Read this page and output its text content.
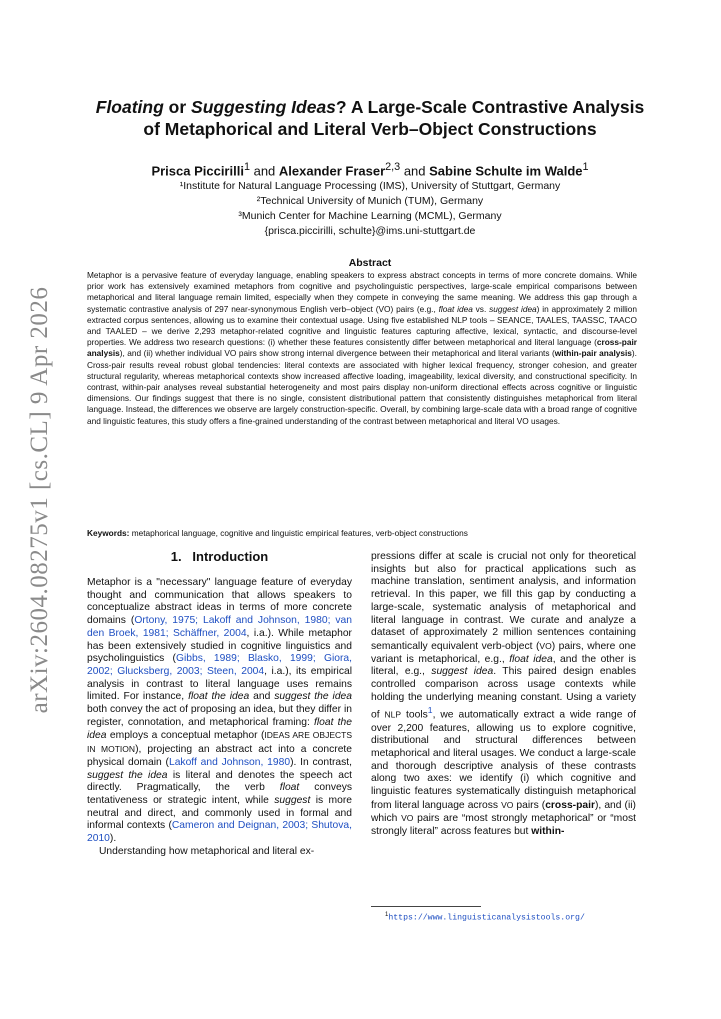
arXiv:2604.08275v1 [cs.CL] 9 Apr 2026
Floating or Suggesting Ideas? A Large-Scale Contrastive Analysis
of Metaphorical and Literal Verb–Object Constructions
Prisca Piccirilli$^1$ and Alexander Fraser$^{2,3}$ and Sabine Schulte im Walde$^1$
¹Institute for Natural Language Processing (IMS), University of Stuttgart, Germany
²Technical University of Munich (TUM), Germany
³Munich Center for Machine Learning (MCML), Germany
{prisca.piccirilli, schulte}@ims.uni-stuttgart.de
Abstract
Metaphor is a pervasive feature of everyday language, enabling speakers to express abstract concepts in terms of more concrete domains. While prior work has extensively examined metaphors from cognitive and psycholinguistic perspectives, large-scale empirical comparisons between metaphorical and literal language remain limited, especially when they compete in conveying the same meaning. We address this gap through a systematic contrastive analysis of 297 near-synonymous English verb–object (VO) pairs (e.g., float idea vs. suggest idea) in approximately 2 million extracted corpus sentences, allowing us to examine their contextual usage. Using five established NLP tools – SEANCE, TAALES, TAASSC, TAACO and TAALED – we derive 2,293 metaphor-related cognitive and linguistic features capturing affective, lexical, syntactic, and discourse-level properties. We address two research questions: (i) whether these features consistently differ between metaphorical and literal language (cross-pair analysis), and (ii) whether individual VO pairs show strong internal divergence between their metaphorical and literal variants (within-pair analysis). Cross-pair results reveal robust global tendencies: literal contexts are associated with higher lexical frequency, stronger cohesion, and greater structural regularity, whereas metaphorical contexts show increased affective loading, imageability, lexical diversity, and constructional specificity. In contrast, within-pair analyses reveal substantial heterogeneity and most pairs display non-uniform directional effects across cognitive or linguistic dimensions. Our findings suggest that there is no single, consistent distributional pattern that consistently distinguishes metaphorical from literal language. Instead, the differences we observe are largely construction-specific. Overall, by combining large-scale data with a broad range of cognitive and linguistic features, this study offers a fine-grained understanding of the contrast between metaphorical and literal VO usages.
Keywords: metaphorical language, cognitive and linguistic empirical features, verb-object constructions
1. Introduction

Metaphor is a "necessary" language feature of everyday thought and communication that allows speakers to conceptualize abstract ideas in terms of more concrete domains (Ortony, 1975; Lakoff and Johnson, 1980; van den Broek, 1981; Schäffner, 2004, i.a.). While metaphor has been extensively studied in cognitive linguistics and psycholinguistics (Gibbs, 1989; Blasko, 1999; Giora, 2002; Glucksberg, 2003; Steen, 2004, i.a.), its empirical analysis in contrast to literal language uses remains limited. For instance, float the idea and suggest the idea both convey the act of proposing an idea, but they differ in register, connotation, and metaphorical framing: float the idea employs a conceptual metaphor (IDEAS ARE OBJECTS IN MOTION), projecting an abstract act into a concrete physical domain (Lakoff and Johnson, 1980). In contrast, suggest the idea is literal and denotes the speech act directly. Pragmatically, the verb float conveys tentativeness or strategic intent, while suggest is more neutral and direct, and commonly used in formal and informal contexts (Cameron and Deignan, 2003; Shutova, 2010).

Understanding how metaphorical and literal ex-

pressions differ at scale is crucial not only for theoretical insights but also for practical applications such as machine translation, sentiment analysis, and information retrieval. In this paper, we fill this gap by conducting a large-scale, systematic analysis of metaphorical and literal language in contrast. We curate and analyze a dataset of approximately 2 million sentences containing semantically equivalent verb-object (VO) pairs, where one variant is metaphorical, e.g., float idea, and the other is literal, e.g., suggest idea. This paired design enables controlled comparison across usage contexts while holding the underlying meaning constant. Using a variety of NLP tools$^1$, we automatically extract a wide range of over 2,200 features, allowing us to explore cognitive, distributional and structural differences between metaphorical and literal usages. We conduct a large-scale and thorough descriptive analysis of these contrasts along two axes: we identify (i) which cognitive and linguistic features systematically distinguish metaphorical from literal language across VO pairs (cross-pair), and (ii) which VO pairs are “most strongly metaphorical” or “most strongly literal” across features but within-

$^1$https://www.linguisticanalysistools.org/
